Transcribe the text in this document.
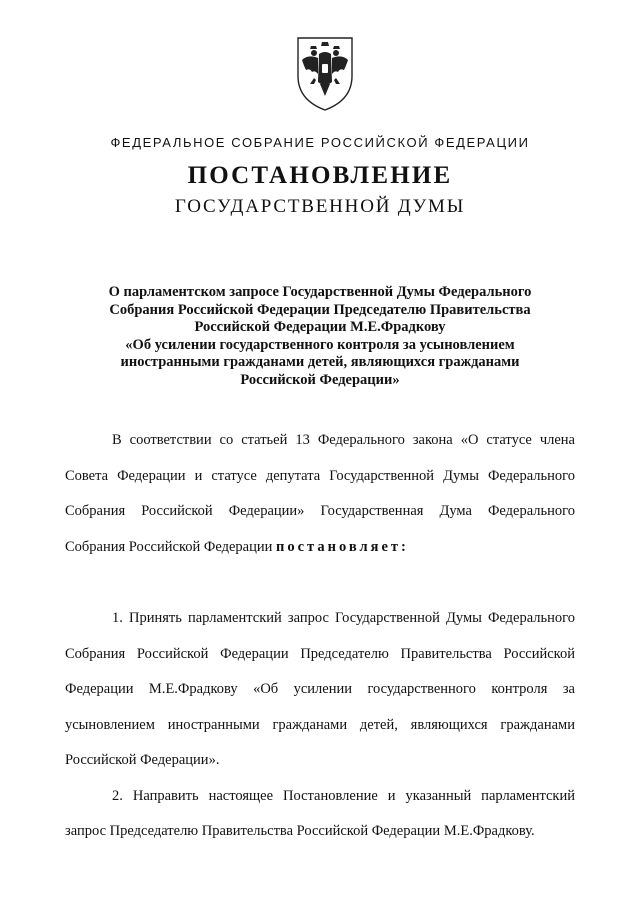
ФЕДЕРАЛЬНОЕ СОБРАНИЕ РОССИЙСКОЙ ФЕДЕРАЦИИ
ПОСТАНОВЛЕНИЕ
ГОСУДАРСТВЕННОЙ ДУМЫ
О парламентском запросе Государственной Думы Федерального
Собрания Российской Федерации Председателю Правительства
Российской Федерации М.Е.Фрадкову
«Об усилении государственного контроля за усыновлением
иностранными гражданами детей, являющихся гражданами
Российской Федерации»

В соответствии со статьей 13 Федерального закона «О статусе члена Совета Федерации и статусе депутата Государственной Думы Федерального Собрания Российской Федерации» Государственная Дума Федерального Собрания Российской Федерации постановляет:

1. Принять парламентский запрос Государственной Думы Федерального Собрания Российской Федерации Председателю Правительства Российской Федерации М.Е.Фрадкову «Об усилении государственного контроля за усыновлением иностранными гражданами детей, являющихся гражданами Российской Федерации».

2. Направить настоящее Постановление и указанный парламентский запрос Председателю Правительства Российской Федерации М.Е.Фрадкову.
